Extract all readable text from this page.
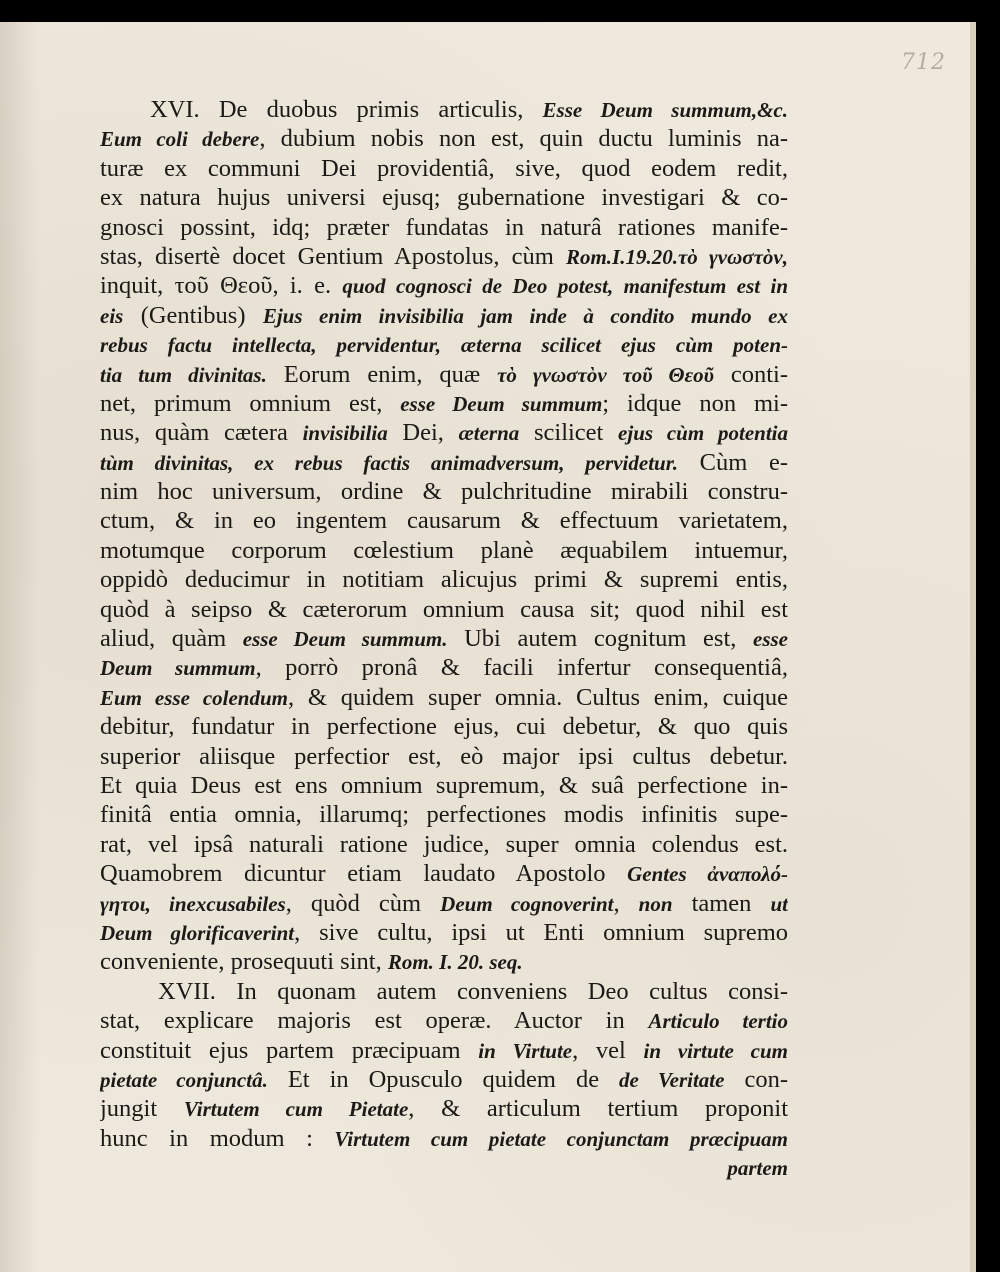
712
XVI. De duobus primis articulis, Esse Deum summum,&c.
Eum coli debere, dubium nobis non est, quin ductu luminis na-
turæ ex communi Dei providentiâ, sive, quod eodem redit,
ex natura hujus universi ejusq; gubernatione investigari & co-
gnosci possint, idq; præter fundatas in naturâ rationes manife-
stas, disertè docet Gentium Apostolus, cùm Rom.I.19.20.τὸ γνωστὸν,
inquit, τοῦ Θεοῦ, i. e. quod cognosci de Deo potest, manifestum est in
eis (Gentibus) Ejus enim invisibilia jam inde à condito mundo ex
rebus factu intellecta, pervidentur, æterna scilicet ejus cùm poten-
tia tum divinitas. Eorum enim, quæ τὸ γνωστὸν τοῦ Θεοῦ conti-
net, primum omnium est, esse Deum summum; idque non mi-
nus, quàm cætera invisibilia Dei, æterna scilicet ejus cùm potentia
tùm divinitas, ex rebus factis animadversum, pervidetur. Cùm e-
nim hoc universum, ordine & pulchritudine mirabili constru-
ctum, & in eo ingentem causarum & effectuum varietatem,
motumque corporum cœlestium planè æquabilem intuemur,
oppidò deducimur in notitiam alicujus primi & supremi entis,
quòd à seipso & cæterorum omnium causa sit; quod nihil est
aliud, quàm esse Deum summum. Ubi autem cognitum est, esse
Deum summum, porrò pronâ & facili infertur consequentiâ,
Eum esse colendum, & quidem super omnia. Cultus enim, cuique
debitur, fundatur in perfectione ejus, cui debetur, & quo quis
superior aliisque perfectior est, eò major ipsi cultus debetur.
Et quia Deus est ens omnium supremum, & suâ perfectione in-
finitâ entia omnia, illarumq; perfectiones modis infinitis supe-
rat, vel ipsâ naturali ratione judice, super omnia colendus est.
Quamobrem dicuntur etiam laudato Apostolo Gentes ἀναπολό-
γητοι, inexcusabiles, quòd cùm Deum cognoverint, non tamen ut
Deum glorificaverint, sive cultu, ipsi ut Enti omnium supremo
conveniente, prosequuti sint, Rom. I. 20. seq.
XVII. In quonam autem conveniens Deo cultus consi-
stat, explicare majoris est operæ. Auctor in Articulo tertio
constituit ejus partem præcipuam in Virtute, vel in virtute cum
pietate conjunctâ. Et in Opusculo quidem de de Veritate con-
jungit Virtutem cum Pietate, & articulum tertium proponit
hunc in modum : Virtutem cum pietate conjunctam præcipuam
partem
